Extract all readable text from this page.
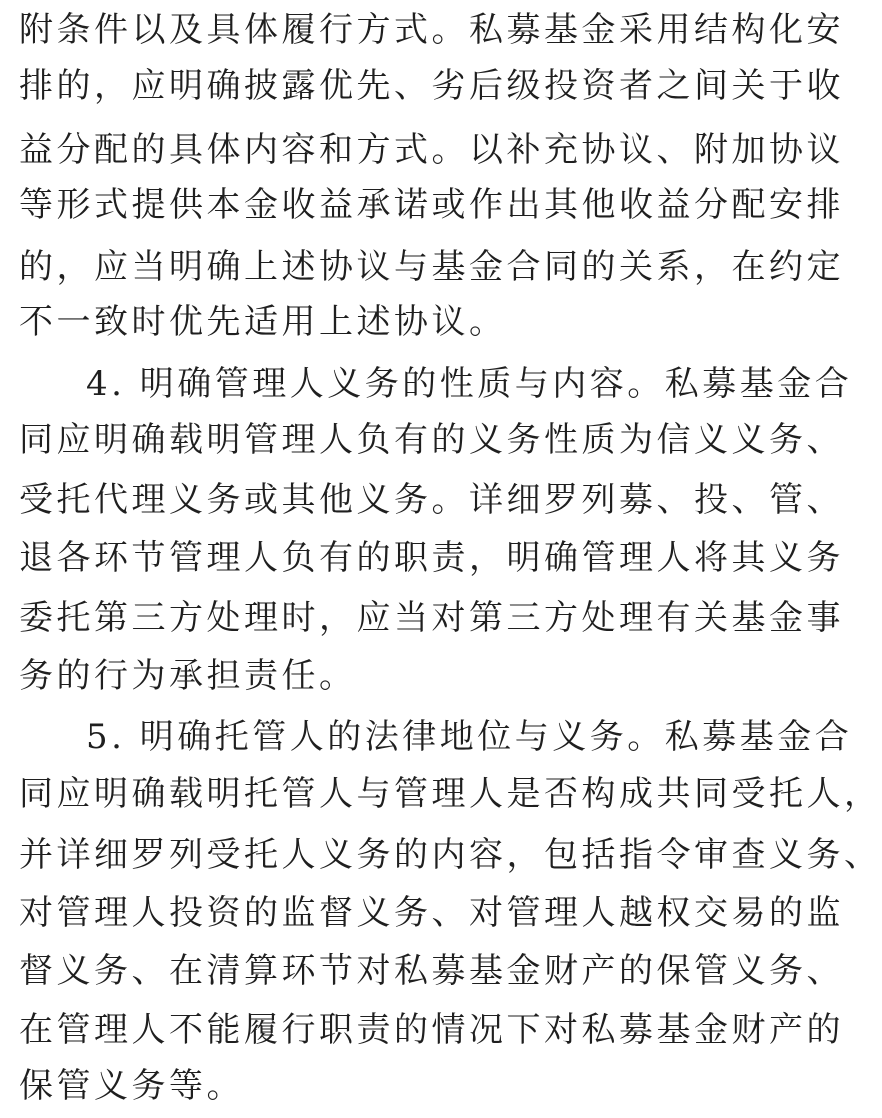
附条件以及具体履行方式。私募基金采用结构化安
排的，应明确披露优先、劣后级投资者之间关于收
益分配的具体内容和方式。以补充协议、附加协议
等形式提供本金收益承诺或作出其他收益分配安排
的，应当明确上述协议与基金合同的关系，在约定
不一致时优先适用上述协议。
4. 明确管理人义务的性质与内容。私募基金合
同应明确载明管理人负有的义务性质为信义义务、
受托代理义务或其他义务。详细罗列募、投、管、
退各环节管理人负有的职责，明确管理人将其义务
委托第三方处理时，应当对第三方处理有关基金事
务的行为承担责任。
5. 明确托管人的法律地位与义务。私募基金合
同应明确载明托管人与管理人是否构成共同受托人，
并详细罗列受托人义务的内容，包括指令审查义务、
对管理人投资的监督义务、对管理人越权交易的监
督义务、在清算环节对私募基金财产的保管义务、
在管理人不能履行职责的情况下对私募基金财产的
保管义务等。
